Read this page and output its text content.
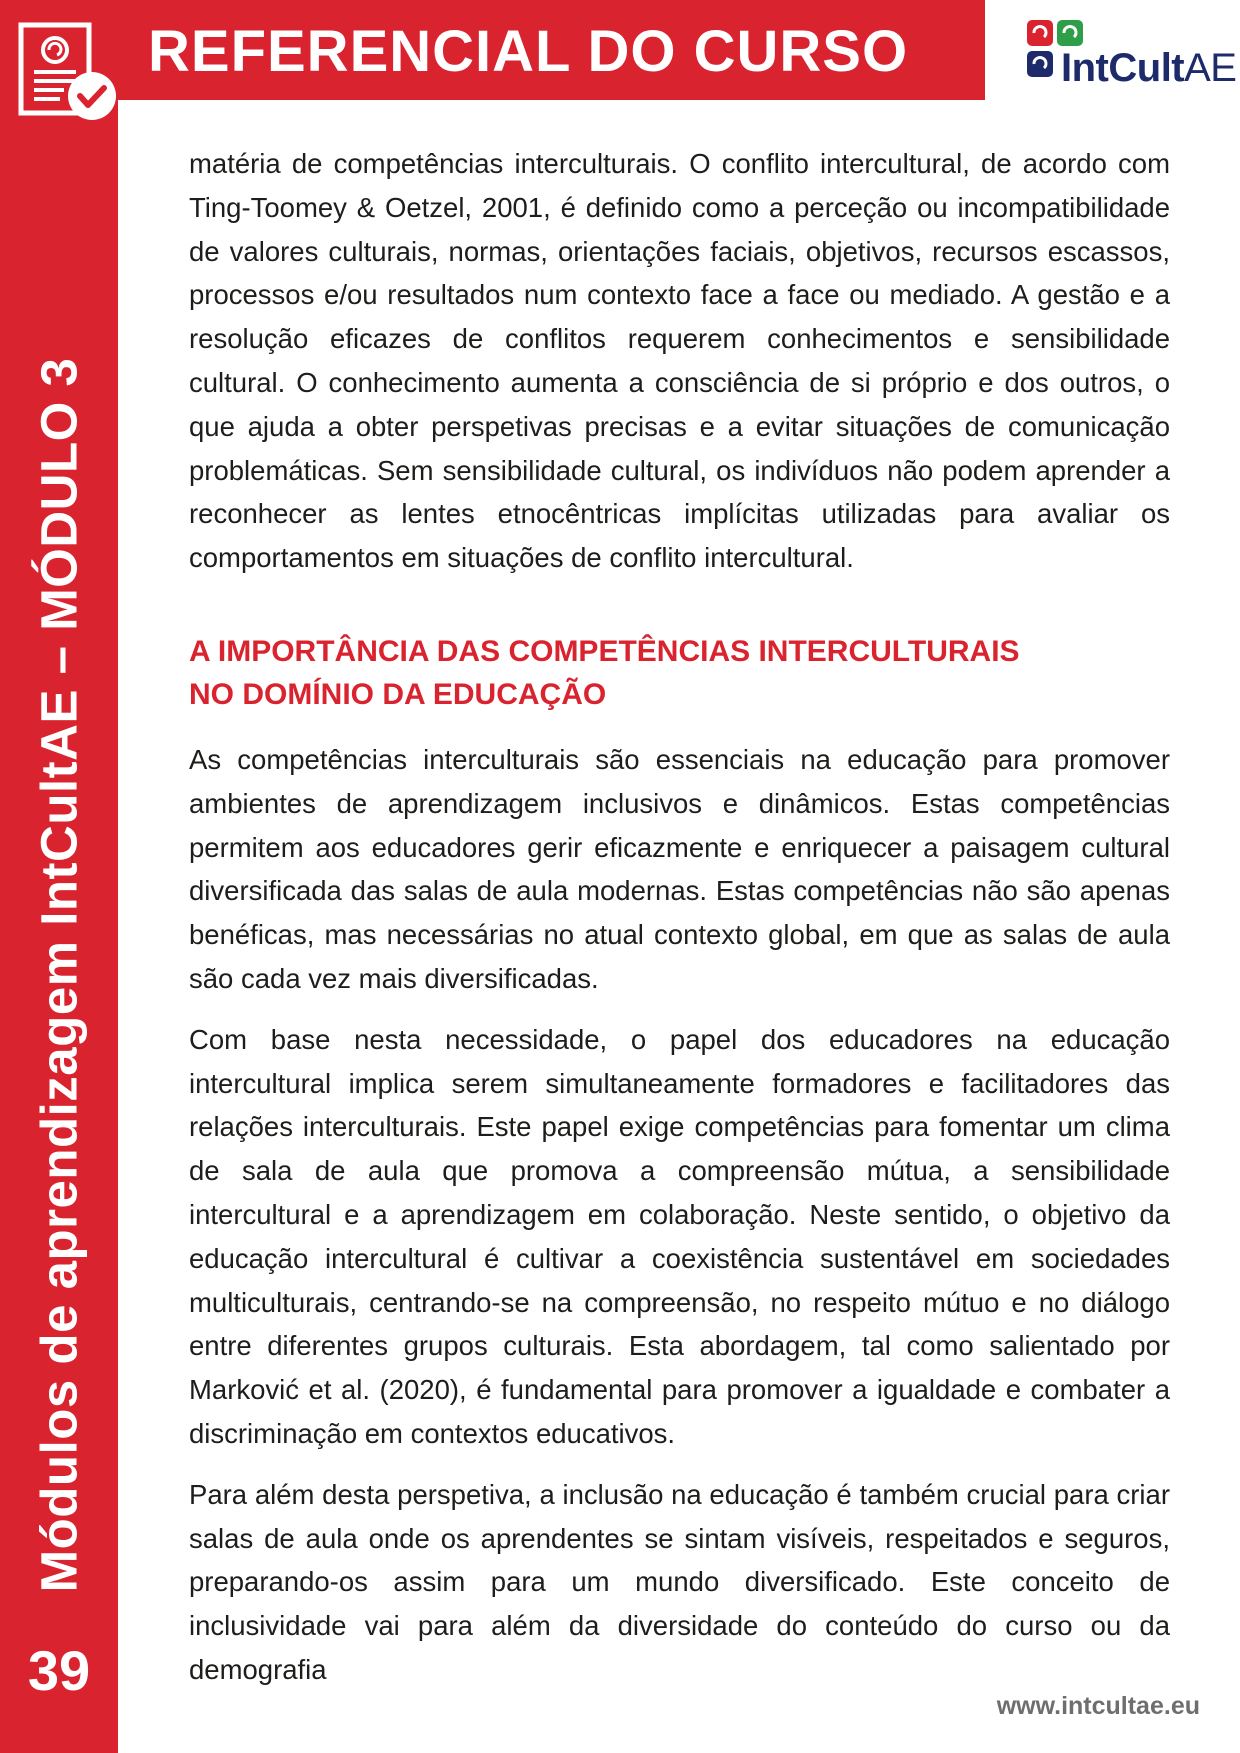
Módulos de aprendizagem IntCultAE – MÓDULO 3
39
REFERENCIAL DO CURSO	IntCultAE

matéria de competências interculturais. O conflito intercultural, de acordo com Ting-Toomey & Oetzel, 2001, é definido como a perceção ou incompatibilidade de valores culturais, normas, orientações faciais, objetivos, recursos escassos, processos e/ou resultados num contexto face a face ou mediado. A gestão e a resolução eficazes de conflitos requerem conhecimentos e sensibilidade cultural. O conhecimento aumenta a consciência de si próprio e dos outros, o que ajuda a obter perspetivas precisas e a evitar situações de comunicação problemáticas. Sem sensibilidade cultural, os indivíduos não podem aprender a reconhecer as lentes etnocêntricas implícitas utilizadas para avaliar os comportamentos em situações de conflito intercultural.

A IMPORTÂNCIA DAS COMPETÊNCIAS INTERCULTURAIS
NO DOMÍNIO DA EDUCAÇÃO

As competências interculturais são essenciais na educação para promover ambientes de aprendizagem inclusivos e dinâmicos. Estas competências permitem aos educadores gerir eficazmente e enriquecer a paisagem cultural diversificada das salas de aula modernas. Estas competências não são apenas benéficas, mas necessárias no atual contexto global, em que as salas de aula são cada vez mais diversificadas.

Com base nesta necessidade, o papel dos educadores na educação intercultural implica serem simultaneamente formadores e facilitadores das relações interculturais. Este papel exige competências para fomentar um clima de sala de aula que promova a compreensão mútua, a sensibilidade intercultural e a aprendizagem em colaboração. Neste sentido, o objetivo da educação intercultural é cultivar a coexistência sustentável em sociedades multiculturais, centrando-se na compreensão, no respeito mútuo e no diálogo entre diferentes grupos culturais. Esta abordagem, tal como salientado por Marković et al. (2020), é fundamental para promover a igualdade e combater a discriminação em contextos educativos.

Para além desta perspetiva, a inclusão na educação é também crucial para criar salas de aula onde os aprendentes se sintam visíveis, respeitados e seguros, preparando-os assim para um mundo diversificado. Este conceito de inclusividade vai para além da diversidade do conteúdo do curso ou da demografia

www.intcultae.eu
